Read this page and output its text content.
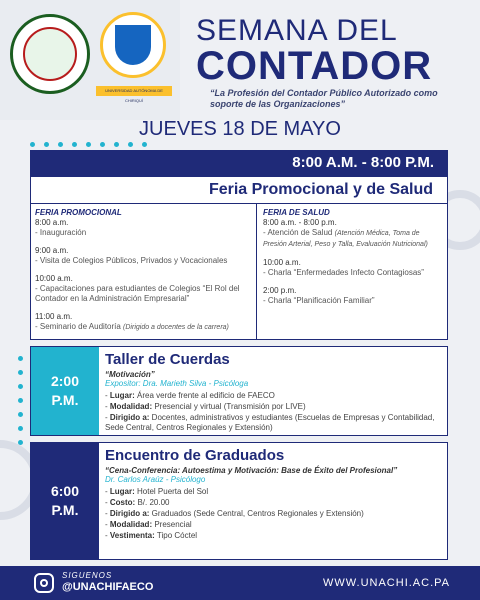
UNIVERSIDAD AUTÓNOMA DE CHIRIQUÍ
SEMANA DEL
CONTADOR
“La Profesión del Contador Público Autorizado como soporte de las Organizaciones”
JUEVES 18 DE MAYO
8:00 A.M. - 8:00 P.M.
Feria Promocional y de Salud
FERIA PROMOCIONAL
8:00 a.m.
- Inauguración
9:00 a.m.
- Visita de Colegios Públicos, Privados y Vocacionales
10:00 a.m.
- Capacitaciones para estudiantes de Colegios “El Rol del Contador en la Administración Empresarial”
11:00 a.m.
- Seminario de Auditoría (Dirigido a docentes de la carrera)
FERIA DE SALUD
8:00 a.m. - 8:00 p.m.
- Atención de Salud (Atención Médica, Toma de Presión Arterial, Peso y Talla, Evaluación Nutricional)
10:00 a.m.
- Charla “Enfermedades Infecto Contagiosas”
2:00 p.m.
- Charla “Planificación Familiar”
2:00
P.M.
Taller de Cuerdas
“Motivación”
Expositor: Dra. Marieth Silva - Psicóloga
- Lugar: Área verde frente al edificio de FAECO
- Modalidad: Presencial y virtual (Transmisión por LIVE)
- Dirigido a: Docentes, administrativos y estudiantes (Escuelas de Empresas y Contabilidad, Sede Central, Centros Regionales y Extensión)
6:00
P.M.
Encuentro de Graduados
“Cena-Conferencia: Autoestima y Motivación: Base de Éxito del Profesional”
Dr. Carlos Araúz - Psicólogo
- Lugar: Hotel Puerta del Sol
- Costo: B/. 20.00
- Dirigido a: Graduados (Sede Central, Centros Regionales y Extensión)
- Modalidad: Presencial
- Vestimenta: Tipo Cóctel
SIGUENOS
@UNACHIFAECO	WWW.UNACHI.AC.PA
